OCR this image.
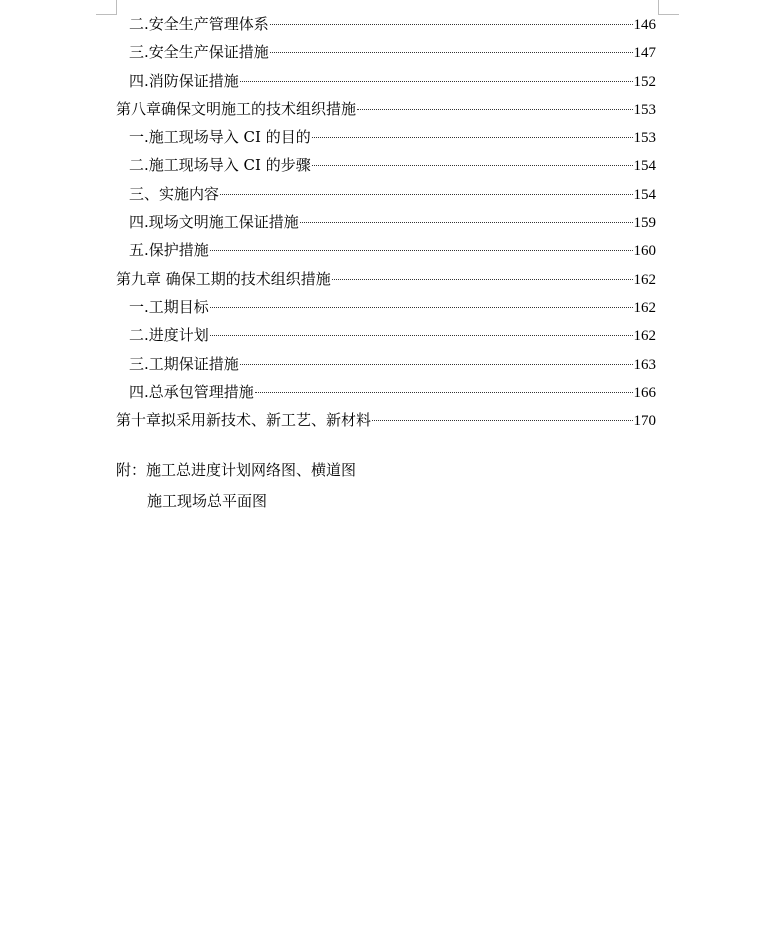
二.安全生产管理体系	146
三.安全生产保证措施	147
四.消防保证措施	152
第八章确保文明施工的技术组织措施	153
一.施工现场导入 CI 的目的	153
二.施工现场导入 CI 的步骤	154
三、实施内容	154
四.现场文明施工保证措施	159
五.保护措施	160
第九章 确保工期的技术组织措施	162
一.工期目标	162
二.进度计划	162
三.工期保证措施	163
四.总承包管理措施	166
第十章拟采用新技术、新工艺、新材料	170
附：施工总进度计划网络图、横道图
施工现场总平面图
